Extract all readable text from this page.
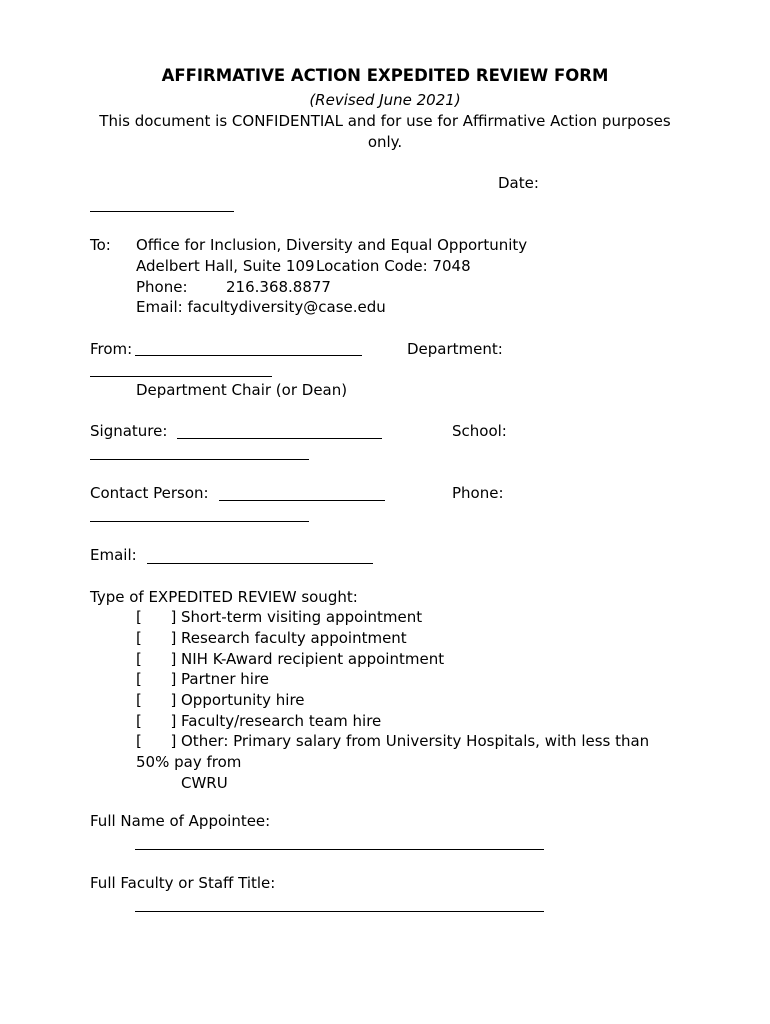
AFFIRMATIVE ACTION EXPEDITED REVIEW FORM
(Revised June 2021)
This document is CONFIDENTIAL and for use for Affirmative Action purposes
only.
Date:
To: Office for Inclusion, Diversity and Equal Opportunity
Adelbert Hall, Suite 109 Location Code: 7048
Phone:	216.368.8877
Email: facultydiversity@case.edu
From:	Department:
Department Chair (or Dean)
Signature:	School:
Contact Person:	Phone:
Email:
Type of EXPEDITED REVIEW sought:
[      ] Short-term visiting appointment
[      ] Research faculty appointment
[      ] NIH K-Award recipient appointment
[      ] Partner hire
[      ] Opportunity hire
[      ] Faculty/research team hire
[      ] Other: Primary salary from University Hospitals, with less than
50% pay from
CWRU
Full Name of Appointee:
Full Faculty or Staff Title:
